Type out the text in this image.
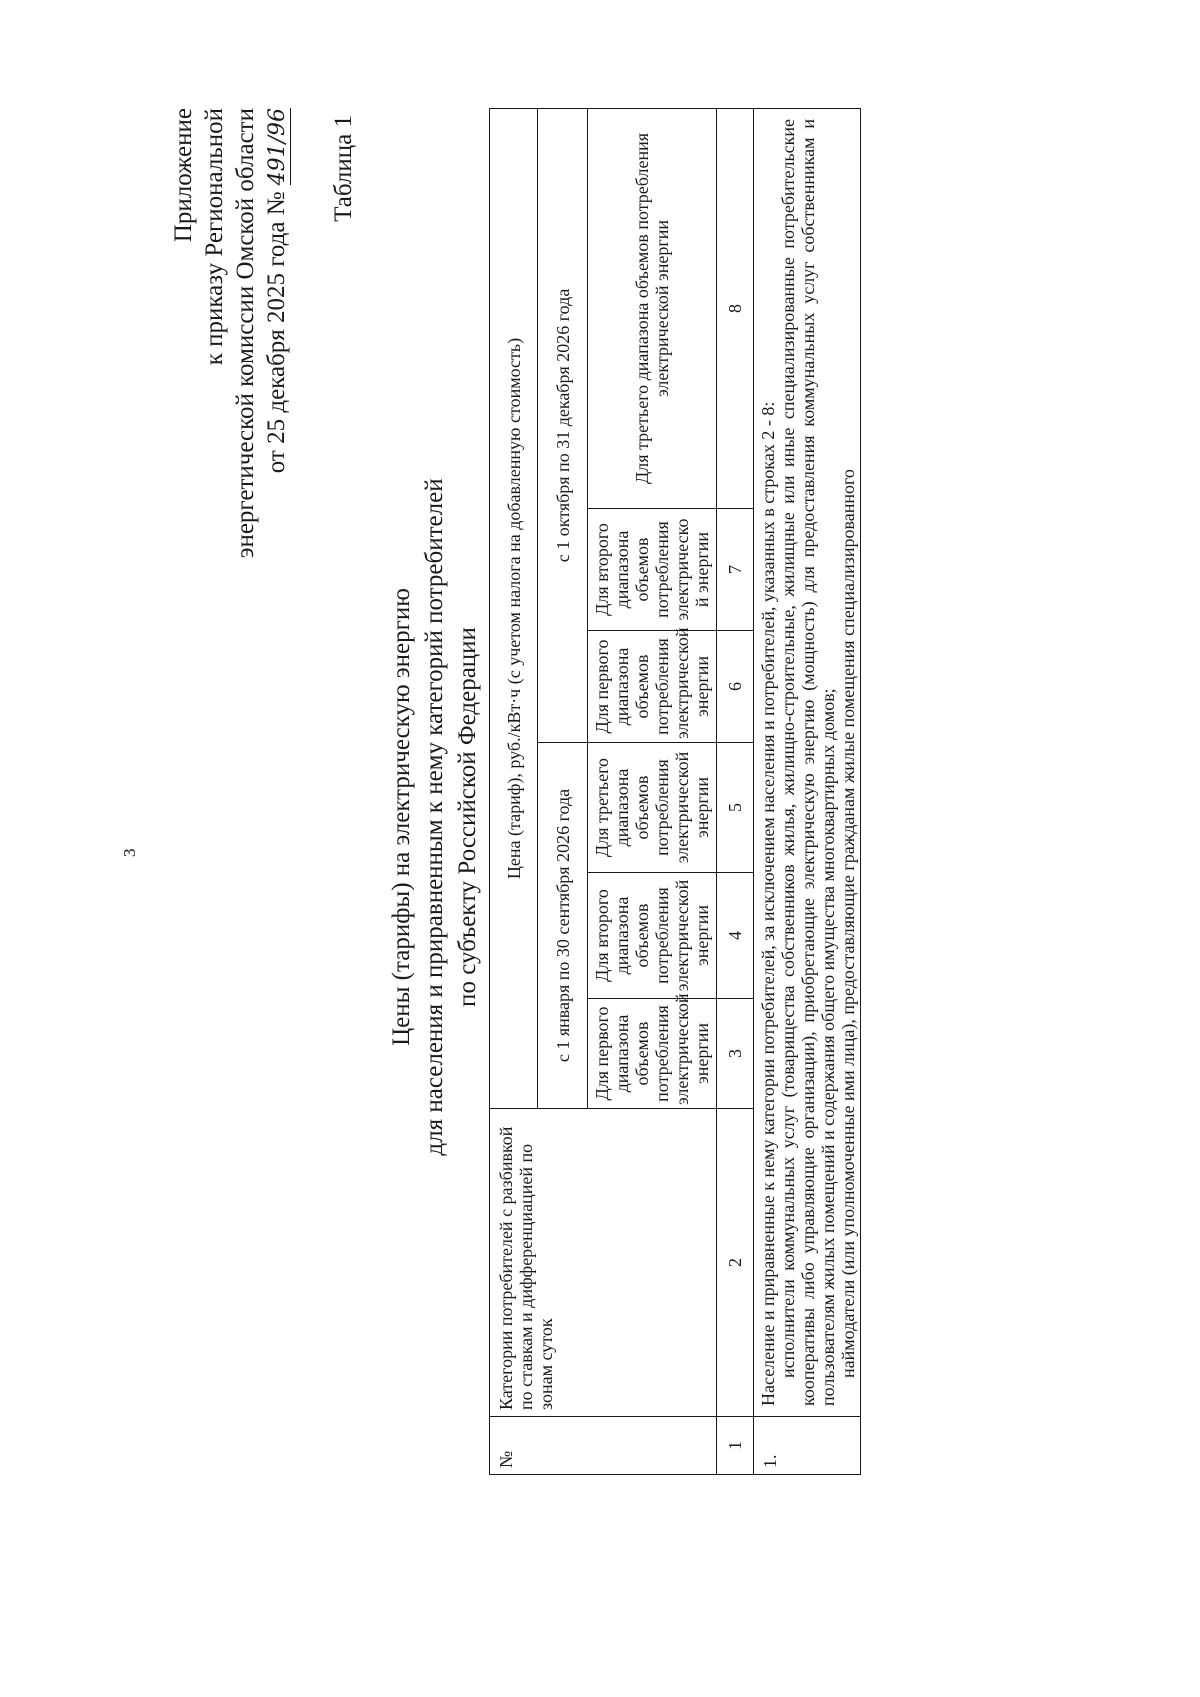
3
Приложение к приказу Региональной энергетической комиссии Омской области от 25 декабря 2025 года №491/96 Таблица 1
Цены (тарифы) на электрическую энергию для населения и приравненным к нему категорий потребителей по субъекту Российской Федерации
№	Категории потребителей с разбивкой по ставкам и дифференциацией по зонам суток	Цена (тариф), руб./кВт·ч (с учетом налога на добавленную стоимость)					
		с 1 января по 30 сентября 2026 года			с 1 октября по 31 декабря 2026 года		
		Для первого диапазона объемов потребления электрической энергии	Для второго диапазона объемов потребления электрической энергии	Для третьего диапазона объемов потребления электрической энергии	Для первого диапазона объемов потребления электрической энергии	Для второго диапазона объемов потребления электрическо й энергии	Для третьего диапазона объемов потребления электрической энергии
1	2	3	4	5	6	7	8
1.	Население и приравненные к нему категории потребителей, за исключением населения и потребителей, указанных в строках 2 - 8: исполнители коммунальных услуг (товарищества собственников жилья, жилищно-строительные, жилищные или иные специализированные потребительские кооперативы либо управляющие организации), приобретающие электрическую энергию (мощность) для предоставления коммунальных услуг собственникам и пользователям жилых помещений и содержания общего имущества многоквартирных домов; наймодатели (или уполномоченные ими лица), предоставляющие гражданам жилые помещения специализированного						
